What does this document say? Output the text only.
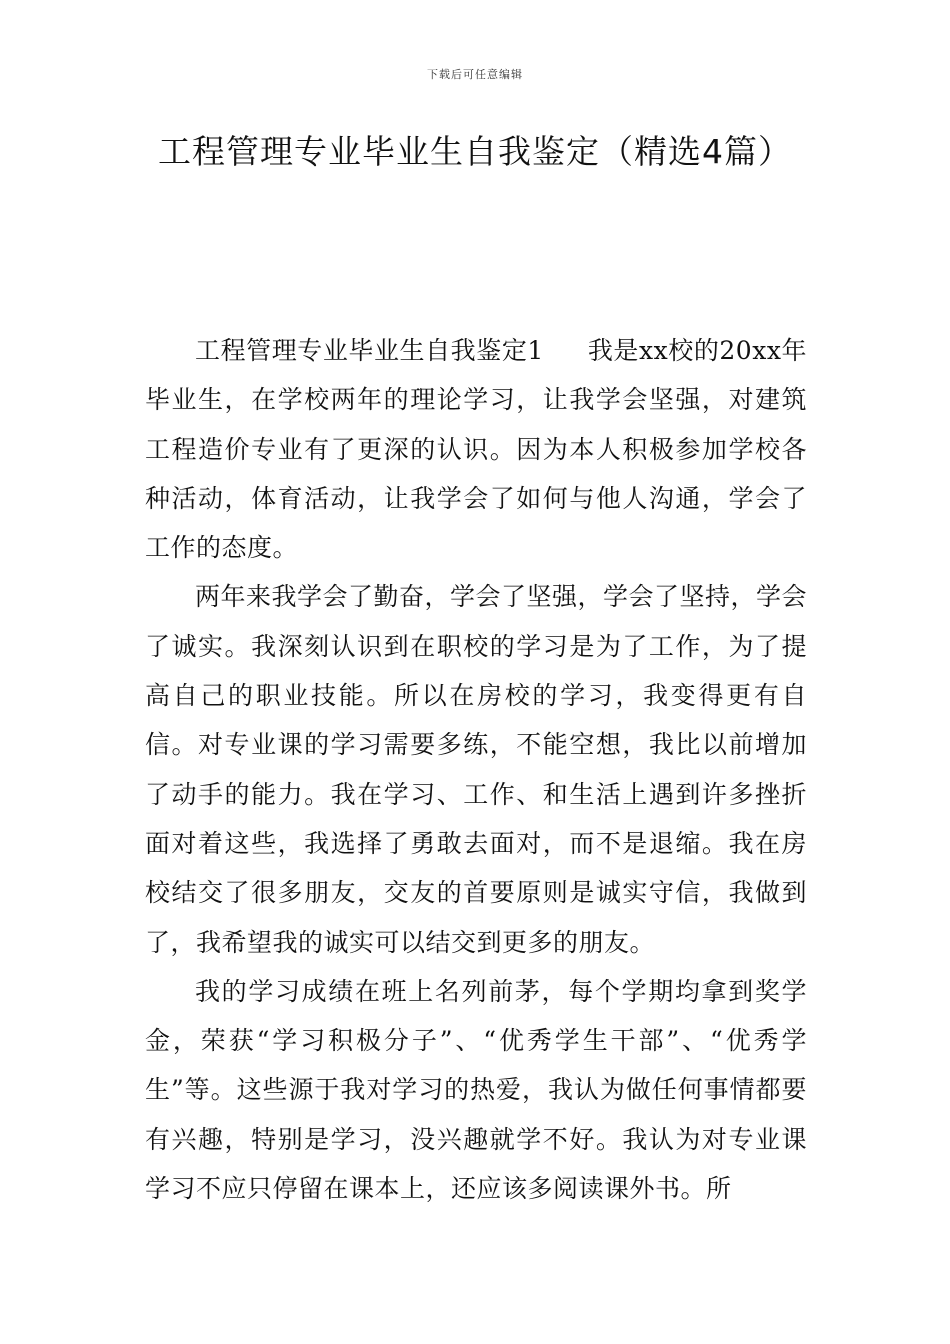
下载后可任意编辑
工程管理专业毕业生自我鉴定（精选4篇）

工程管理专业毕业生自我鉴定1 我是xx校的20xx年毕业生，在学校两年的理论学习，让我学会坚强，对建筑工程造价专业有了更深的认识。因为本人积极参加学校各种活动，体育活动，让我学会了如何与他人沟通，学会了工作的态度。

两年来我学会了勤奋，学会了坚强，学会了坚持，学会了诚实。我深刻认识到在职校的学习是为了工作，为了提高自己的职业技能。所以在房校的学习，我变得更有自信。对专业课的学习需要多练，不能空想，我比以前增加了动手的能力。我在学习、工作、和生活上遇到许多挫折面对着这些，我选择了勇敢去面对，而不是退缩。我在房校结交了很多朋友，交友的首要原则是诚实守信，我做到了，我希望我的诚实可以结交到更多的朋友。

我的学习成绩在班上名列前茅，每个学期均拿到奖学金，荣获“学习积极分子”、“优秀学生干部”、“优秀学生”等。这些源于我对学习的热爱，我认为做任何事情都要有兴趣，特别是学习，没兴趣就学不好。我认为对专业课学习不应只停留在课本上，还应该多阅读课外书。所
